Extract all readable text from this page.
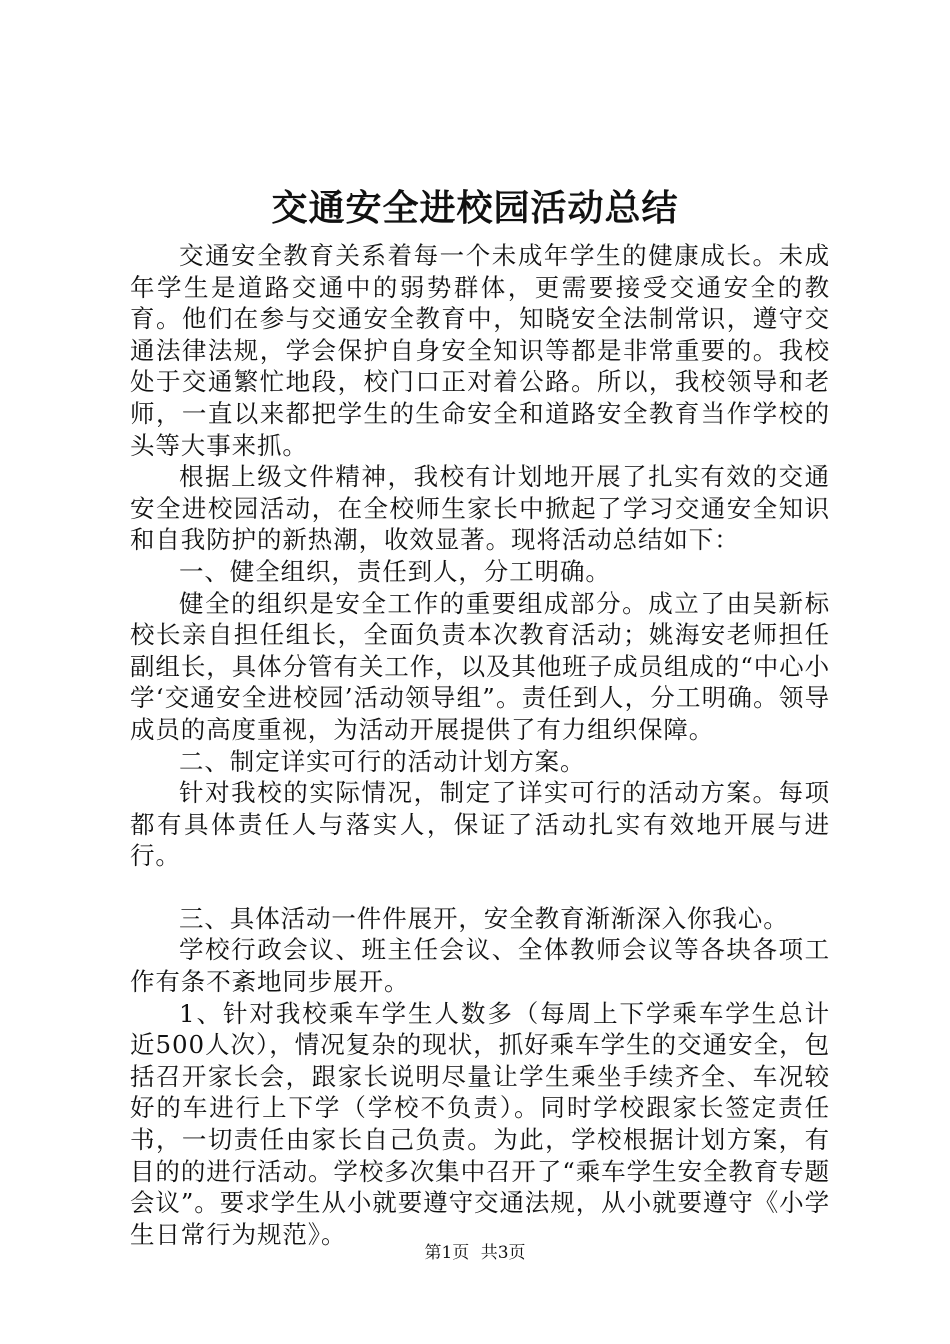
交通安全进校园活动总结

交通安全教育关系着每一个未成年学生的健康成长。未成年学生是道路交通中的弱势群体，更需要接受交通安全的教育。他们在参与交通安全教育中，知晓安全法制常识，遵守交通法律法规，学会保护自身安全知识等都是非常重要的。我校处于交通繁忙地段，校门口正对着公路。所以，我校领导和老师，一直以来都把学生的生命安全和道路安全教育当作学校的头等大事来抓。

根据上级文件精神，我校有计划地开展了扎实有效的交通安全进校园活动，在全校师生家长中掀起了学习交通安全知识和自我防护的新热潮，收效显著。现将活动总结如下：

一、健全组织，责任到人，分工明确。

健全的组织是安全工作的重要组成部分。成立了由吴新标校长亲自担任组长，全面负责本次教育活动；姚海安老师担任副组长，具体分管有关工作，以及其他班子成员组成的“中心小学‘交通安全进校园’活动领导组”。责任到人，分工明确。领导成员的高度重视，为活动开展提供了有力组织保障。

二、制定详实可行的活动计划方案。

针对我校的实际情况，制定了详实可行的活动方案。每项都有具体责任人与落实人，保证了活动扎实有效地开展与进行。

三、具体活动一件件展开，安全教育渐渐深入你我心。

学校行政会议、班主任会议、全体教师会议等各块各项工作有条不紊地同步展开。

1、针对我校乘车学生人数多（每周上下学乘车学生总计近500人次），情况复杂的现状，抓好乘车学生的交通安全，包括召开家长会，跟家长说明尽量让学生乘坐手续齐全、车况较好的车进行上下学（学校不负责）。同时学校跟家长签定责任书，一切责任由家长自己负责。为此，学校根据计划方案，有目的的进行活动。学校多次集中召开了“乘车学生安全教育专题会议”。要求学生从小就要遵守交通法规，从小就要遵守《小学生日常行为规范》。

第1页 共3页
